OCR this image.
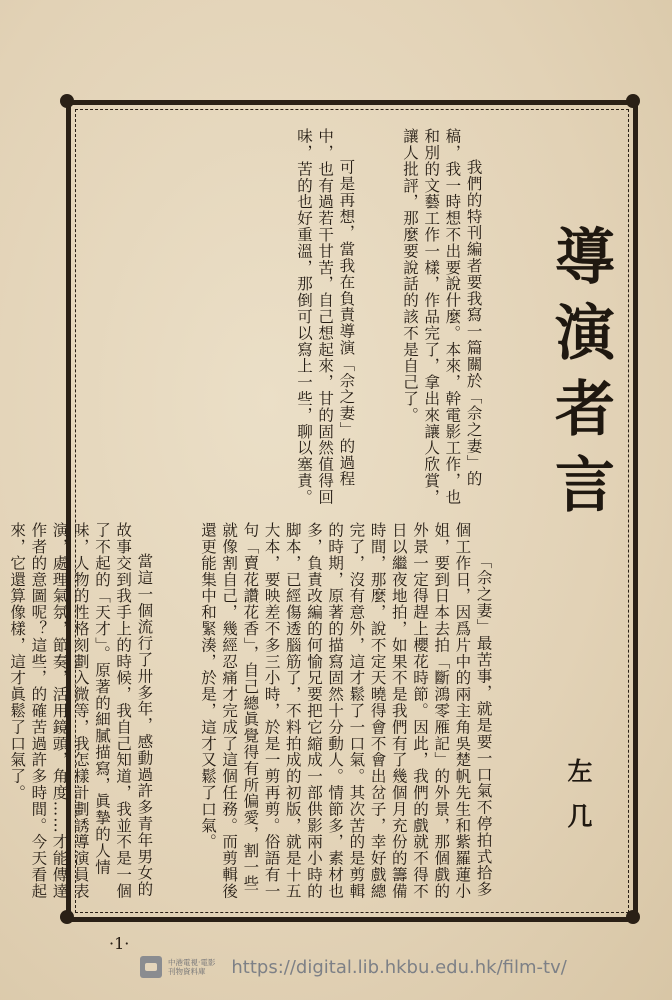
導演者言

我們的特刊編者要我寫一篇關於「佘之妻」的稿，我一時想不出要說什麼。本來，幹電影工作，也和別的文藝工作一樣，作品完了，拿出來讓人欣賞，讓人批評，那麼要說話的該不是自己了。

可是再想，當我在負責導演「佘之妻」的過程中，也有過若干甘苦，自己想起來，甘的固然值得回味，苦的也好重溫，那倒可以寫上一些，聊以塞責。

「佘之妻」最苦事，就是要一口氣不停拍式拾多個工作日，因爲片中的兩主角吳楚帆先生和紫羅蓮小姐，要到日本去拍「斷鴻零雁記」的外景，那個戲的外景一定得趕上櫻花時節。因此，我們的戲就不得不日以繼夜地拍，如果不是我們有了幾個月充份的籌備時間，那麼，說不定天曉得會不會出岔子，幸好戲總完了，沒有意外，這才鬆了一口氣。其次苦的是剪輯的時期，原著的描寫固然十分動人。情節多，素材也多，負責改編的何愉兄要把它縮成一部供影兩小時的脚本，已經傷透腦筋了，不料拍成的初版，就是十五大本，要映差不多三小時，於是一剪再剪。俗語有一句「賣花讚花香」，自己總眞覺得有所偏愛，割一些就像割自己，幾經忍痛才完成了這個任務。而剪輯後還更能集中和緊湊，於是，這才又鬆了口氣。

當這一個流行了卅多年，感動過許多青年男女的故事交到我手上的時候，我自己知道，我並不是一個了不起的「天才」。原著的細膩描寫，眞摯的人情味，人物的性格刻劃入微等，我怎樣計劃誘導演員表演，處理氣氛，節奏，活用鏡頭，角度……才能傳達作者的意圖呢？這些，的確苦過許多時間。今天看起來，它還算像樣，這才眞鬆了口氣了。

左几
·1·
中港電視·電影
刊物資料庫	https://digital.lib.hkbu.edu.hk/film-tv/
